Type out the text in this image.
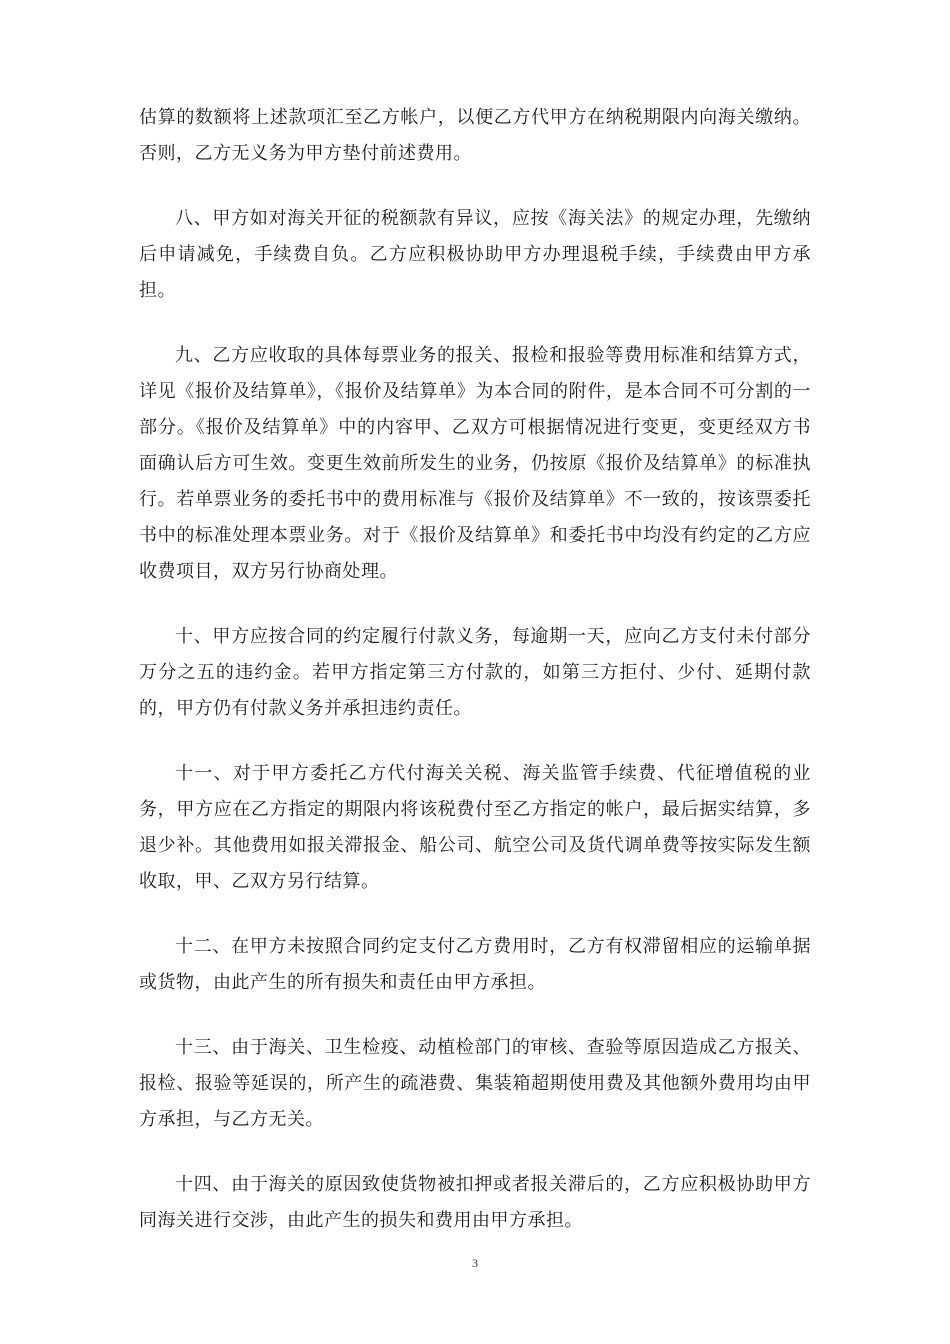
估算的数额将上述款项汇至乙方帐户，以便乙方代甲方在纳税期限内向海关缴纳。否则，乙方无义务为甲方垫付前述费用。

八、甲方如对海关开征的税额款有异议，应按《海关法》的规定办理，先缴纳后申请减免，手续费自负。乙方应积极协助甲方办理退税手续，手续费由甲方承担。

九、乙方应收取的具体每票业务的报关、报检和报验等费用标准和结算方式，详见《报价及结算单》，《报价及结算单》为本合同的附件，是本合同不可分割的一部分。《报价及结算单》中的内容甲、乙双方可根据情况进行变更，变更经双方书面确认后方可生效。变更生效前所发生的业务，仍按原《报价及结算单》的标准执行。若单票业务的委托书中的费用标准与《报价及结算单》不一致的，按该票委托书中的标准处理本票业务。对于《报价及结算单》和委托书中均没有约定的乙方应收费项目，双方另行协商处理。

十、甲方应按合同的约定履行付款义务，每逾期一天，应向乙方支付未付部分万分之五的违约金。若甲方指定第三方付款的，如第三方拒付、少付、延期付款的，甲方仍有付款义务并承担违约责任。

十一、对于甲方委托乙方代付海关关税、海关监管手续费、代征增值税的业务，甲方应在乙方指定的期限内将该税费付至乙方指定的帐户，最后据实结算，多退少补。其他费用如报关滞报金、船公司、航空公司及货代调单费等按实际发生额收取，甲、乙双方另行结算。

十二、在甲方未按照合同约定支付乙方费用时，乙方有权滞留相应的运输单据或货物，由此产生的所有损失和责任由甲方承担。

十三、由于海关、卫生检疫、动植检部门的审核、查验等原因造成乙方报关、报检、报验等延误的，所产生的疏港费、集装箱超期使用费及其他额外费用均由甲方承担，与乙方无关。

十四、由于海关的原因致使货物被扣押或者报关滞后的，乙方应积极协助甲方同海关进行交涉，由此产生的损失和费用由甲方承担。

3
